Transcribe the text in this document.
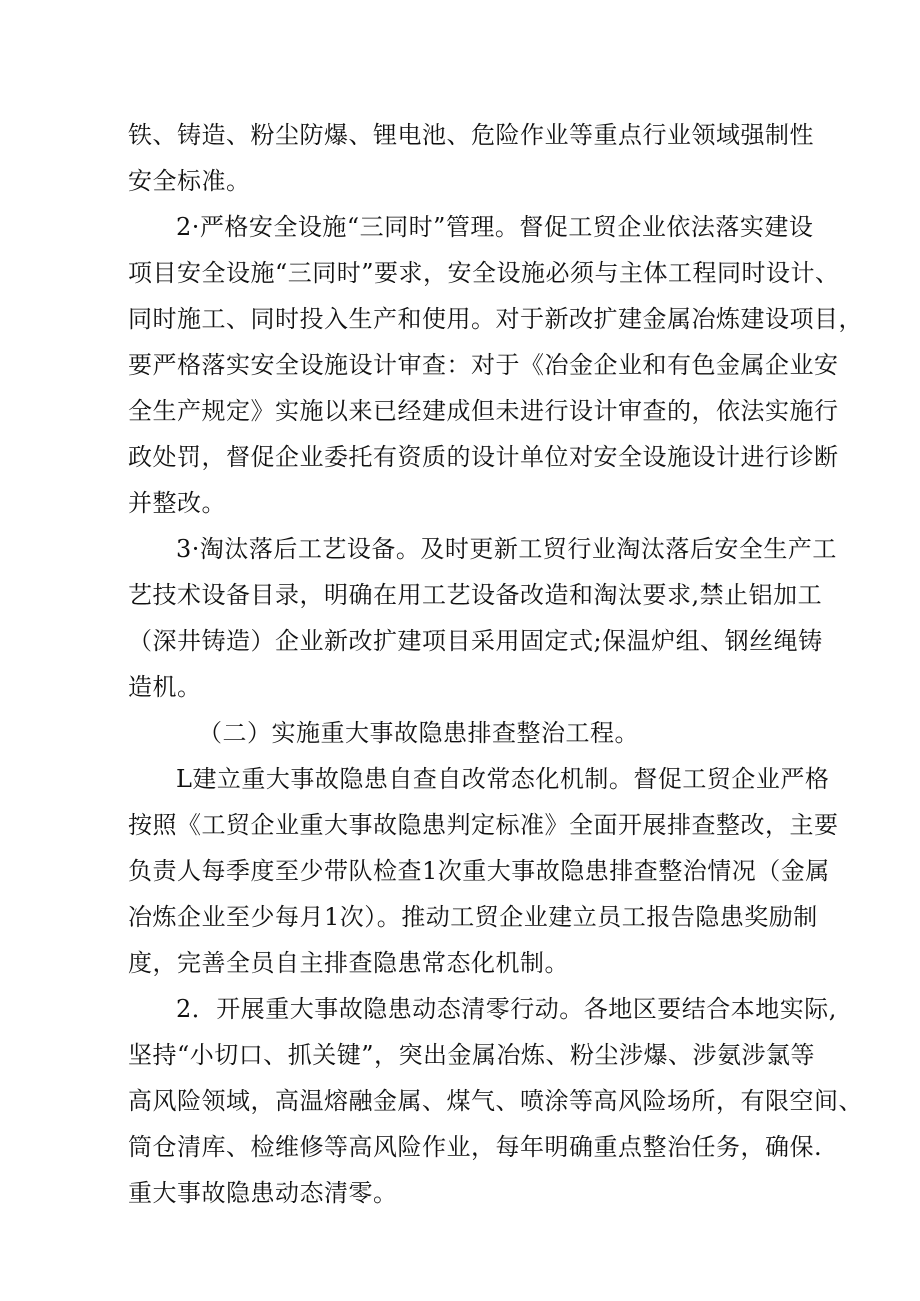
铁、铸造、粉尘防爆、锂电池、危险作业等重点行业领域强制性
安全标准。
2·严格安全设施“三同时”管理。督促工贸企业依法落实建设
项目安全设施“三同时”要求，安全设施必须与主体工程同时设计、
同时施工、同时投入生产和使用。对于新改扩建金属冶炼建设项目，
要严格落实安全设施设计审查：对于《冶金企业和有色金属企业安
全生产规定》实施以来已经建成但未进行设计审查的，依法实施行
政处罚，督促企业委托有资质的设计单位对安全设施设计进行诊断
并整改。
3·淘汰落后工艺设备。及时更新工贸行业淘汰落后安全生产工
艺技术设备目录，明确在用工艺设备改造和淘汰要求,禁止铝加工
（深井铸造）企业新改扩建项目采用固定式;保温炉组、钢丝绳铸
造机。
（二）实施重大事故隐患排查整治工程。
L建立重大事故隐患自查自改常态化机制。督促工贸企业严格
按照《工贸企业重大事故隐患判定标准》全面开展排查整改，主要
负责人每季度至少带队检查1次重大事故隐患排查整治情况（金属
冶炼企业至少每月1次）。推动工贸企业建立员工报告隐患奖励制
度，完善全员自主排查隐患常态化机制。
2．开展重大事故隐患动态清零行动。各地区要结合本地实际,
坚持“小切口、抓关键”，突出金属冶炼、粉尘涉爆、涉氨涉氯等
高风险领域，高温熔融金属、煤气、喷涂等高风险场所，有限空间、
筒仓清库、检维修等高风险作业，每年明确重点整治任务，确保.
重大事故隐患动态清零。
